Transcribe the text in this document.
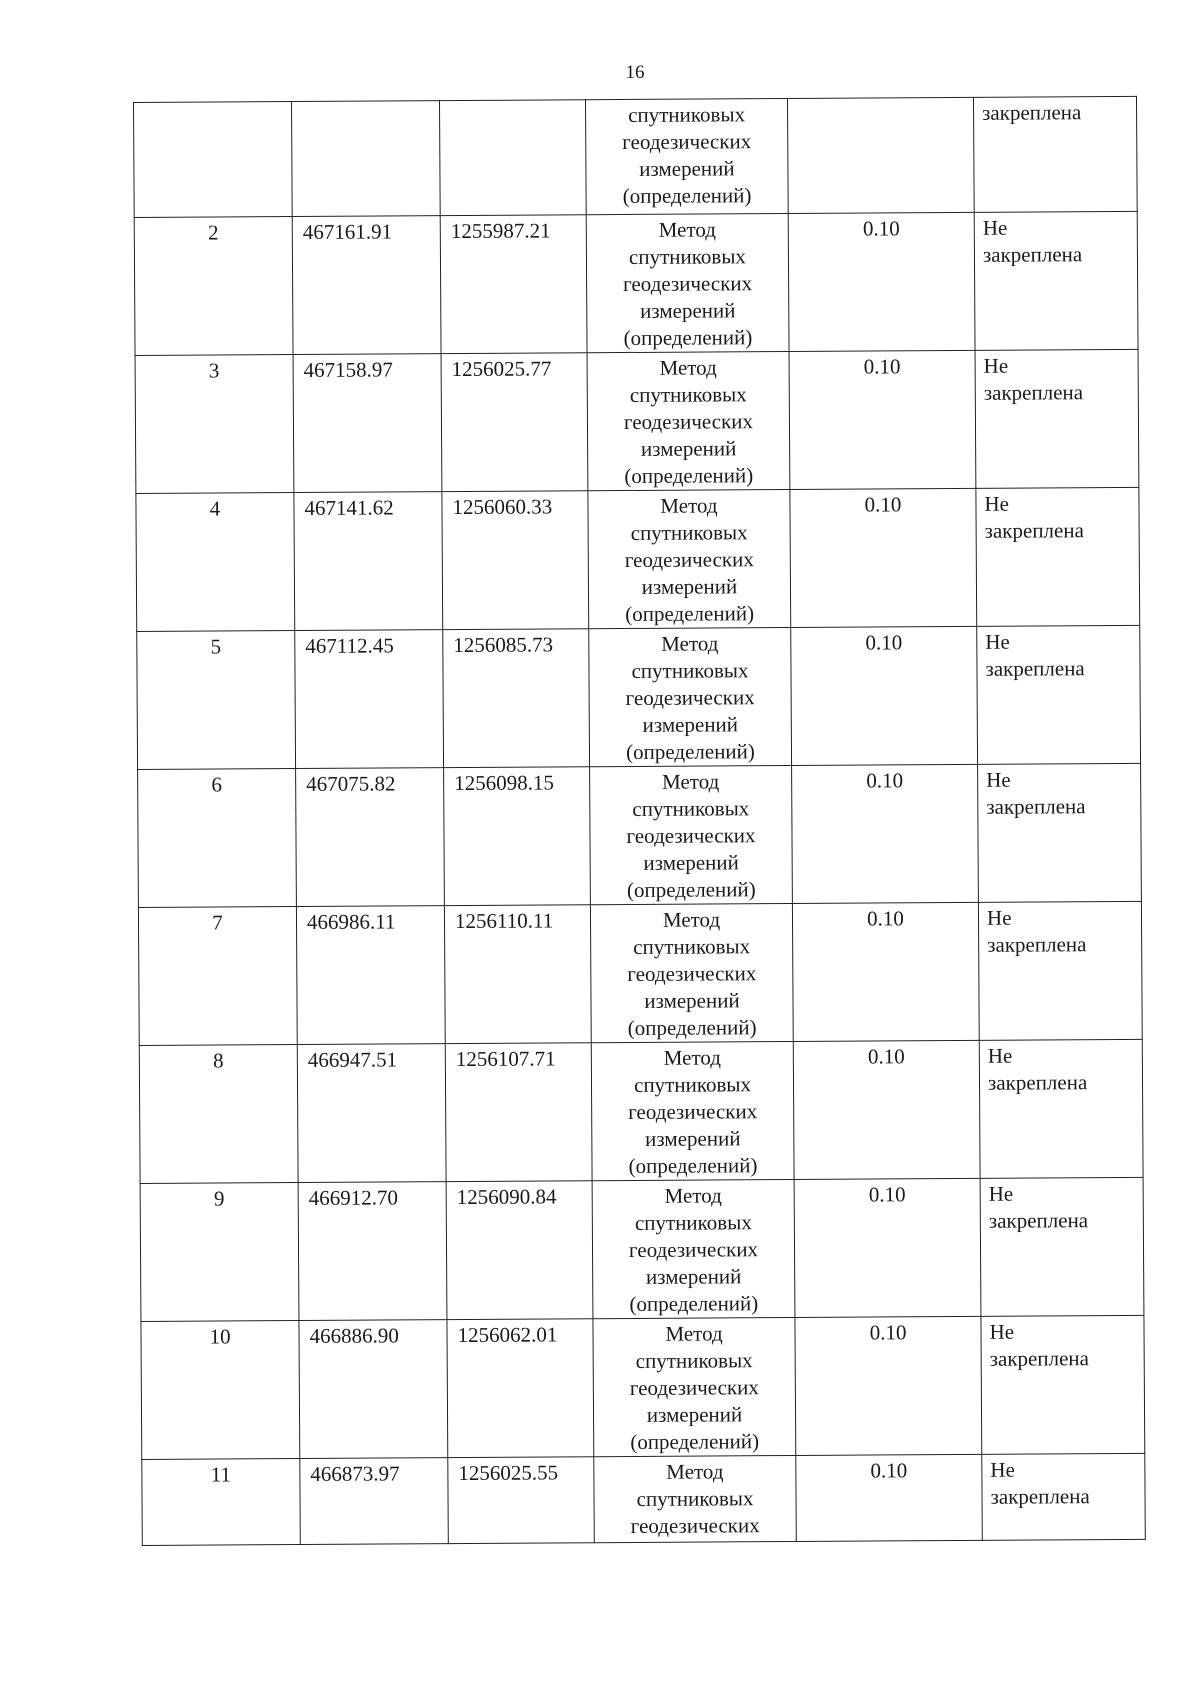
16

			спутниковых
геодезических
измерений
(определений)		закреплена

2	467161.91	1255987.21	Метод
спутниковых
геодезических
измерений
(определений)	0.10	Не
закреплена

3	467158.97	1256025.77	Метод
спутниковых
геодезических
измерений
(определений)	0.10	Не
закреплена

4	467141.62	1256060.33	Метод
спутниковых
геодезических
измерений
(определений)	0.10	Не
закреплена

5	467112.45	1256085.73	Метод
спутниковых
геодезических
измерений
(определений)	0.10	Не
закреплена

6	467075.82	1256098.15	Метод
спутниковых
геодезических
измерений
(определений)	0.10	Не
закреплена

7	466986.11	1256110.11	Метод
спутниковых
геодезических
измерений
(определений)	0.10	Не
закреплена

8	466947.51	1256107.71	Метод
спутниковых
геодезических
измерений
(определений)	0.10	Не
закреплена

9	466912.70	1256090.84	Метод
спутниковых
геодезических
измерений
(определений)	0.10	Не
закреплена

10	466886.90	1256062.01	Метод
спутниковых
геодезических
измерений
(определений)	0.10	Не
закреплена

11	466873.97	1256025.55	Метод
спутниковых
геодезических	0.10	Не
закреплена
